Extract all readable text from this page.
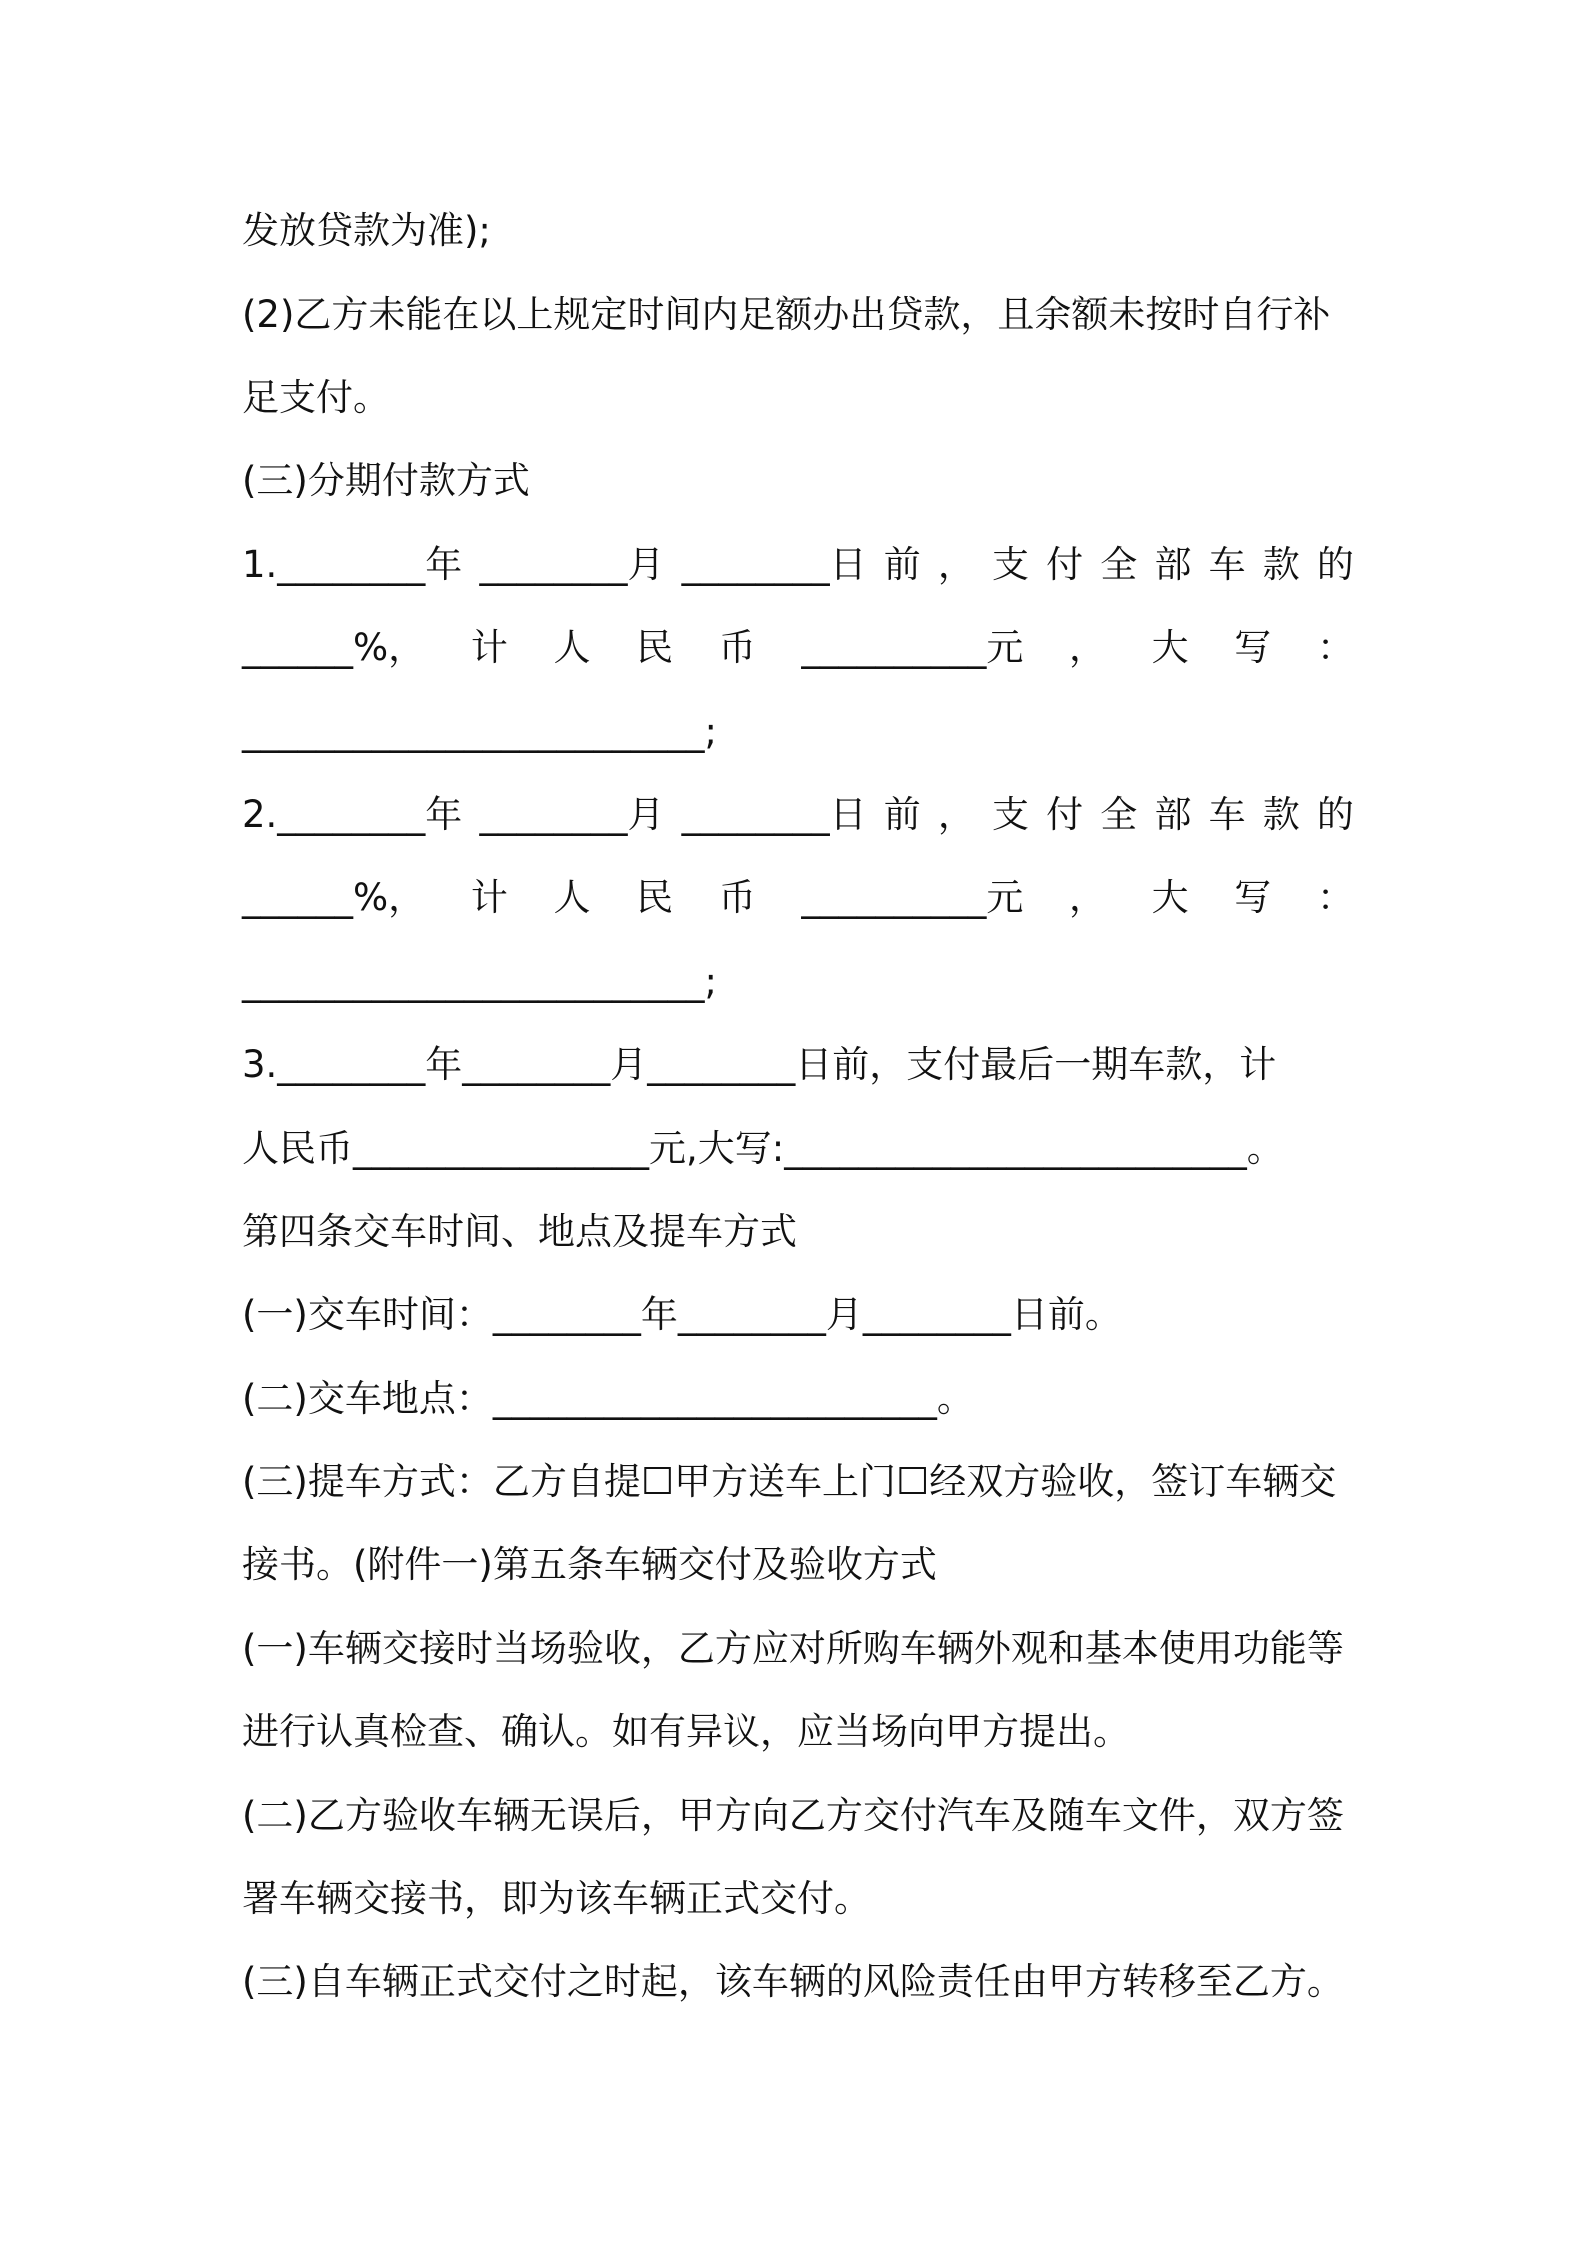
发放贷款为准);
(2)乙方未能在以上规定时间内足额办出贷款，且余额未按时自行补
足支付。
(三)分期付款方式
1.________年 ________月 ________日 前 ， 支 付 全 部 车 款 的
______%， 计 人 民 币 __________元 ， 大 写 ：
_________________________;
2.________年 ________月 ________日 前 ， 支 付 全 部 车 款 的
______%， 计 人 民 币 __________元 ， 大 写 ：
_________________________;
3.________年________月________日前，支付最后一期车款，计
人民币________________元,大写:_________________________。
第四条交车时间、地点及提车方式
(一)交车时间：________年________月________日前。
(二)交车地点：________________________。
(三)提车方式：乙方自提☐甲方送车上门☐经双方验收，签订车辆交
接书。(附件一)第五条车辆交付及验收方式
(一)车辆交接时当场验收，乙方应对所购车辆外观和基本使用功能等
进行认真检查、确认。如有异议，应当场向甲方提出。
(二)乙方验收车辆无误后，甲方向乙方交付汽车及随车文件，双方签
署车辆交接书，即为该车辆正式交付。
(三)自车辆正式交付之时起，该车辆的风险责任由甲方转移至乙方。
